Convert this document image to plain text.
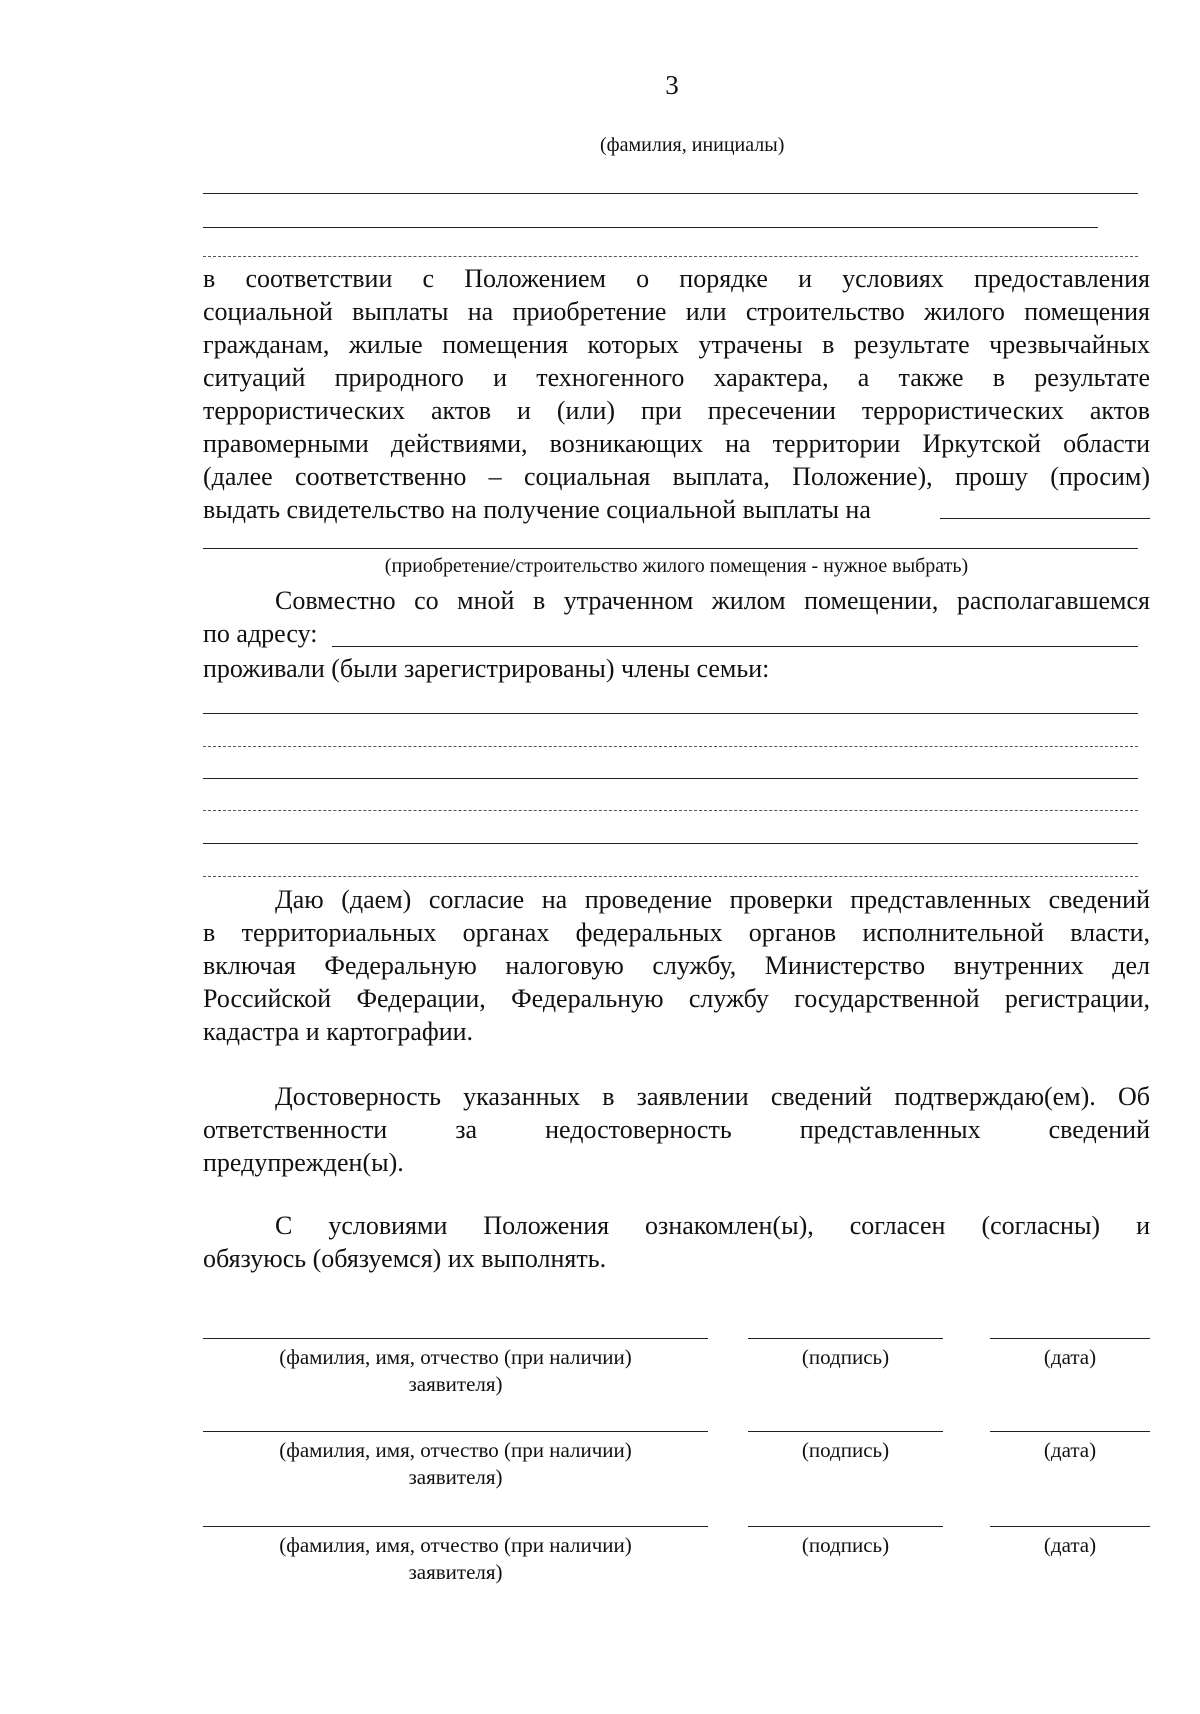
3
(фамилия, инициалы)
в соответствии с Положением о порядке и условиях предоставления
социальной выплаты на приобретение или строительство жилого помещения
гражданам, жилые помещения которых утрачены в результате чрезвычайных
ситуаций природного и техногенного характера, а также в результате
террористических актов и (или) при пресечении террористических актов
правомерными действиями, возникающих на территории Иркутской области
(далее соответственно – социальная выплата, Положение), прошу (просим)
выдать свидетельство на получение социальной выплаты на
(приобретение/строительство жилого помещения - нужное выбрать)
Совместно со мной в утраченном жилом помещении, располагавшемся
по адресу:
проживали (были зарегистрированы) члены семьи:
Даю (даем) согласие на проведение проверки представленных сведений
в территориальных органах федеральных органов исполнительной власти,
включая Федеральную налоговую службу, Министерство внутренних дел
Российской Федерации, Федеральную службу государственной регистрации,
кадастра и картографии.
Достоверность указанных в заявлении сведений подтверждаю(ем). Об
ответственности за недостоверность представленных сведений
предупрежден(ы).
С условиями Положения ознакомлен(ы), согласен (согласны) и
обязуюсь (обязуемся) их выполнять.
(фамилия, имя, отчество (при наличии)
заявителя)
(подпись)	(дата)
(фамилия, имя, отчество (при наличии)
заявителя)
(подпись)	(дата)
(фамилия, имя, отчество (при наличии)
заявителя)
(подпись)	(дата)
